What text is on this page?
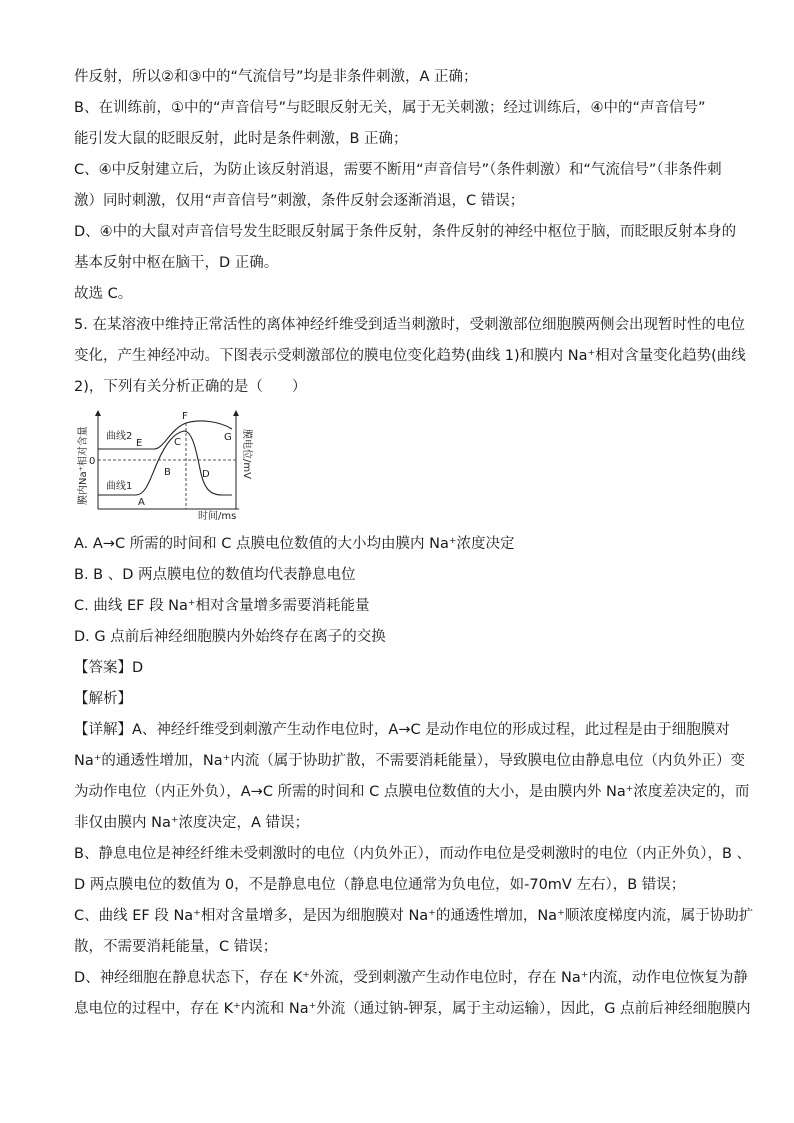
件反射，所以②和③中的“气流信号”均是非条件刺激，A 正确；
B、在训练前，①中的“声音信号”与眨眼反射无关，属于无关刺激；经过训练后，④中的“声音信号”
能引发大鼠的眨眼反射，此时是条件刺激，B 正确；
C、④中反射建立后，为防止该反射消退，需要不断用“声音信号”（条件刺激）和“气流信号”（非条件刺
激）同时刺激，仅用“声音信号”刺激，条件反射会逐渐消退，C 错误；
D、④中的大鼠对声音信号发生眨眼反射属于条件反射，条件反射的神经中枢位于脑，而眨眼反射本身的
基本反射中枢在脑干，D 正确。
故选 C。
5. 在某溶液中维持正常活性的离体神经纤维受到适当刺激时，受刺激部位细胞膜两侧会出现暂时性的电位
变化，产生神经冲动。下图表示受刺激部位的膜电位变化趋势(曲线 1)和膜内 Na⁺相对含量变化趋势(曲线
2)，下列有关分析正确的是（　　）
膜内Na⁺相对含量	膜电位/mV
时间/ms
0
曲线2
曲线1
A
B
C
D
E
F
G
A. A→C 所需的时间和 C 点膜电位数值的大小均由膜内 Na⁺浓度决定
B. B 、D 两点膜电位的数值均代表静息电位
C. 曲线 EF 段 Na⁺相对含量增多需要消耗能量
D. G 点前后神经细胞膜内外始终存在离子的交换
【答案】D
【解析】
【详解】A、神经纤维受到刺激产生动作电位时，A→C 是动作电位的形成过程，此过程是由于细胞膜对
Na⁺的通透性增加，Na⁺内流（属于协助扩散，不需要消耗能量），导致膜电位由静息电位（内负外正）变
为动作电位（内正外负），A→C 所需的时间和 C 点膜电位数值的大小，是由膜内外 Na⁺浓度差决定的，而
非仅由膜内 Na⁺浓度决定，A 错误；
B、静息电位是神经纤维未受刺激时的电位（内负外正），而动作电位是受刺激时的电位（内正外负），B 、
D 两点膜电位的数值为 0，不是静息电位（静息电位通常为负电位，如-70mV 左右），B 错误；
C、曲线 EF 段 Na⁺相对含量增多，是因为细胞膜对 Na⁺的通透性增加，Na⁺顺浓度梯度内流，属于协助扩
散，不需要消耗能量，C 错误；
D、神经细胞在静息状态下，存在 K⁺外流，受到刺激产生动作电位时，存在 Na⁺内流，动作电位恢复为静
息电位的过程中，存在 K⁺内流和 Na⁺外流（通过钠-钾泵，属于主动运输），因此，G 点前后神经细胞膜内
